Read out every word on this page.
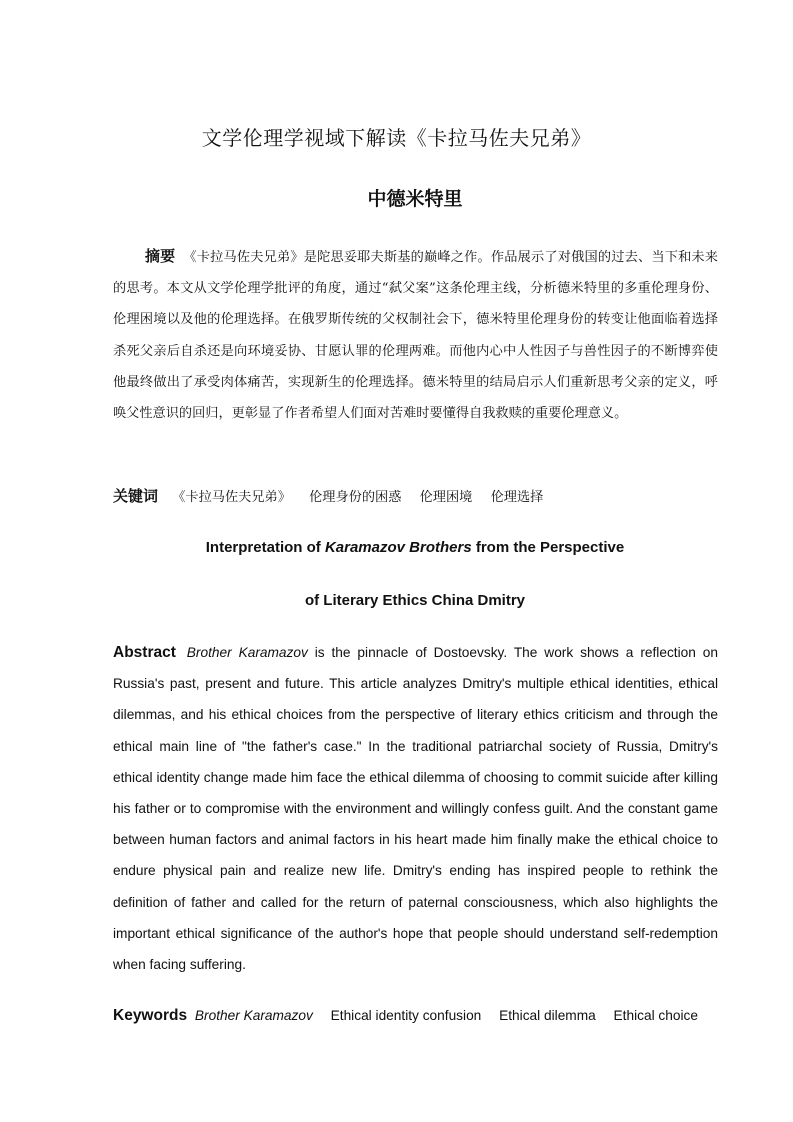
文学伦理学视域下解读《卡拉马佐夫兄弟》
中德米特里

摘要 《卡拉马佐夫兄弟》是陀思妥耶夫斯基的巅峰之作。作品展示了对俄国的过去、当下和未来的思考。本文从文学伦理学批评的角度，通过“弑父案”这条伦理主线，分析德米特里的多重伦理身份、伦理困境以及他的伦理选择。在俄罗斯传统的父权制社会下，德米特里伦理身份的转变让他面临着选择杀死父亲后自杀还是向环境妥协、甘愿认罪的伦理两难。而他内心中人性因子与兽性因子的不断博弈使他最终做出了承受肉体痛苦，实现新生的伦理选择。德米特里的结局启示人们重新思考父亲的定义，呼唤父性意识的回归，更彰显了作者希望人们面对苦难时要懂得自我救赎的重要伦理意义。

关键词 《卡拉马佐夫兄弟》 伦理身份的困惑 伦理困境 伦理选择
Interpretation of Karamazov Brothers from the Perspective
of Literary Ethics China Dmitry

Abstract Brother Karamazov is the pinnacle of Dostoevsky. The work shows a reflection on Russia's past, present and future. This article analyzes Dmitry's multiple ethical identities, ethical dilemmas, and his ethical choices from the perspective of literary ethics criticism and through the ethical main line of "the father's case." In the traditional patriarchal society of Russia, Dmitry's ethical identity change made him face the ethical dilemma of choosing to commit suicide after killing his father or to compromise with the environment and willingly confess guilt. And the constant game between human factors and animal factors in his heart made him finally make the ethical choice to endure physical pain and realize new life. Dmitry's ending has inspired people to rethink the definition of father and called for the return of paternal consciousness, which also highlights the important ethical significance of the author's hope that people should understand self-redemption when facing suffering.

Keywords Brother Karamazov Ethical identity confusion Ethical dilemma Ethical choice
